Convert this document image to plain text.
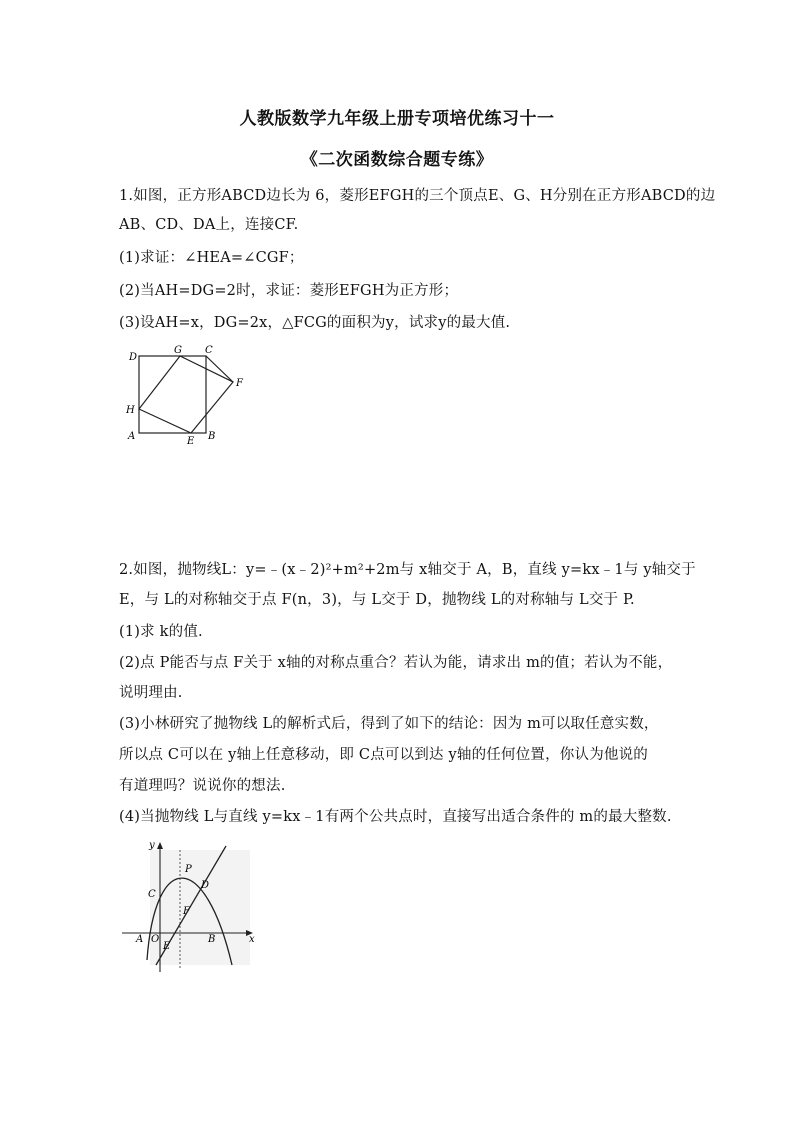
人教版数学九年级上册专项培优练习十一
《二次函数综合题专练》
1.如图，正方形ABCD边长为 6，菱形EFGH的三个顶点E、G、H分别在正方形ABCD的边
AB、CD、DA上，连接CF.
(1)求证：∠HEA=∠CGF；
(2)当AH=DG=2时，求证：菱形EFGH为正方形；
(3)设AH=x，DG=2x，△FCG的面积为y，试求y的最大值.
D
G C
F
H
A	E B
2.如图，抛物线L：y=﹣(x﹣2)²+m²+2m与 x轴交于 A，B，直线 y=kx﹣1与 y轴交于
E，与 L的对称轴交于点 F(n，3)，与 L交于 D，抛物线 L的对称轴与 L交于 P.
(1)求 k的值.
(2)点 P能否与点 F关于 x轴的对称点重合？若认为能，请求出 m的值；若认为不能，
说明理由.
(3)小林研究了抛物线 L的解析式后，得到了如下的结论：因为 m可以取任意实数，
所以点 C可以在 y轴上任意移动，即 C点可以到达 y轴的任何位置，你认为他说的
有道理吗？说说你的想法.
(4)当抛物线 L与直线 y=kx﹣1有两个公共点时，直接写出适合条件的 m的最大整数.
y
x
P
D
C
F
A O
E
B
